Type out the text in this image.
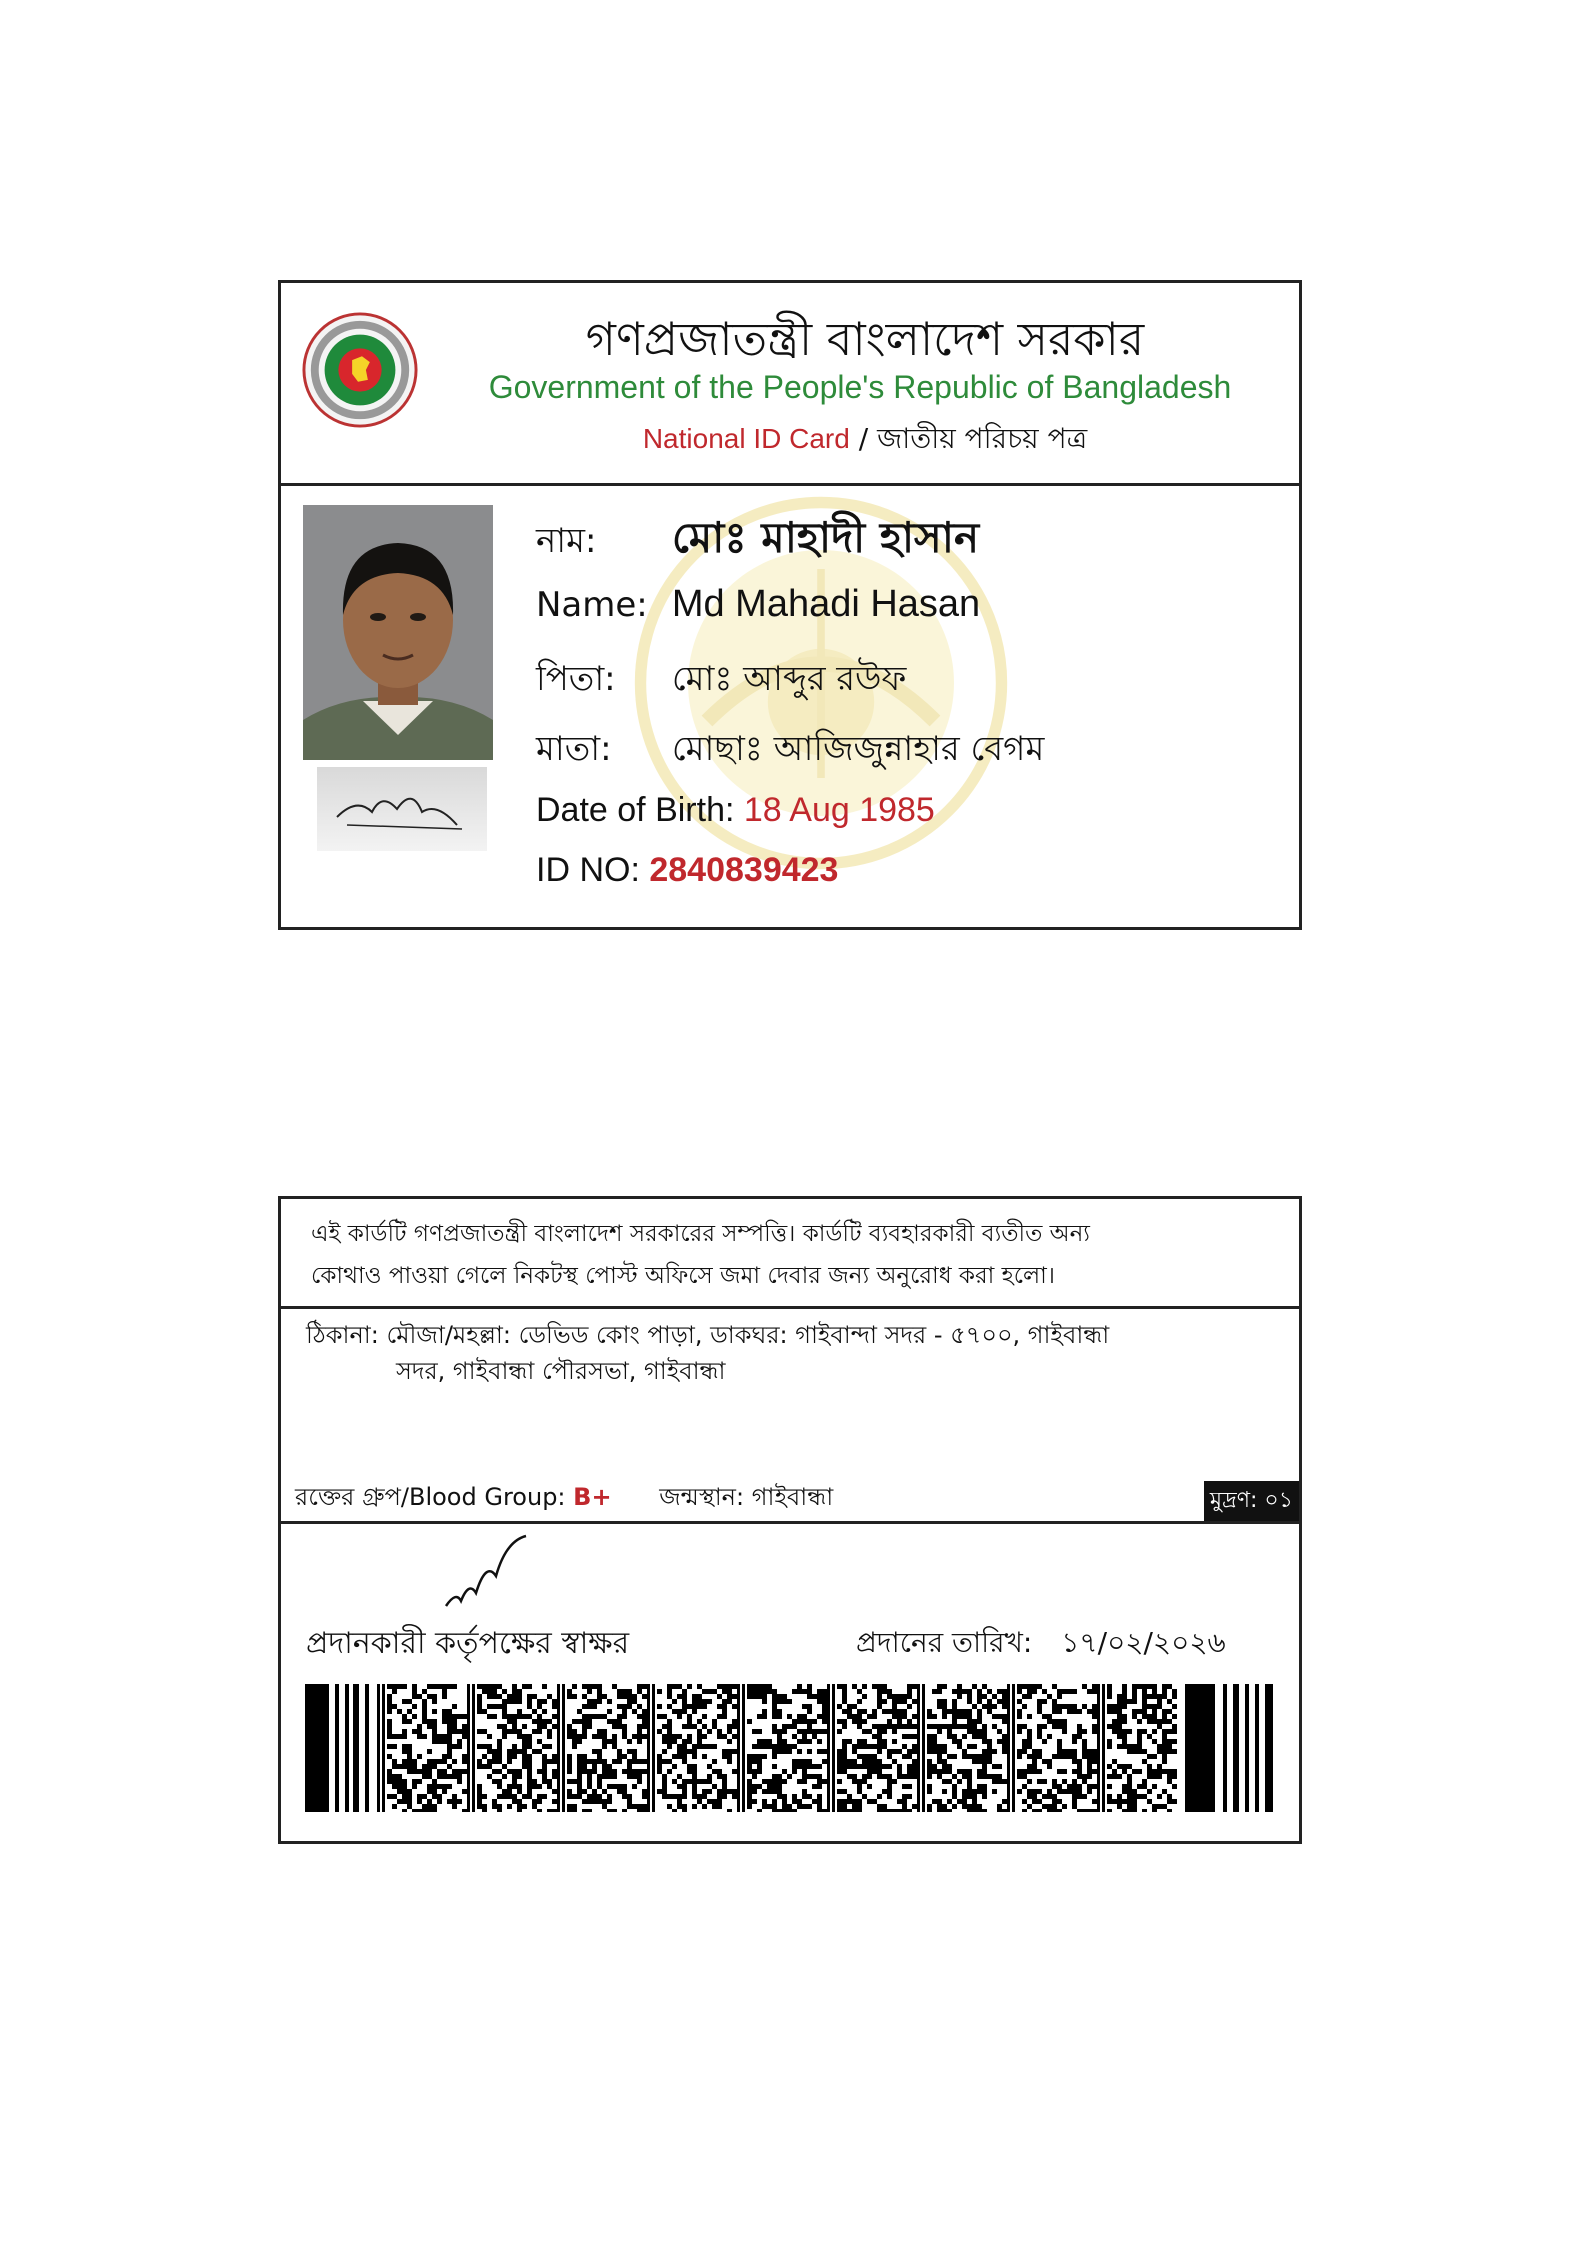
গণপ্রজাতন্ত্রী বাংলাদেশ সরকার
Government of the People's Republic of Bangladesh
National ID Card / জাতীয় পরিচয় পত্র
নাম: মোঃ মাহাদী হাসান
Name: Md Mahadi Hasan
পিতা: মোঃ আব্দুর রউফ
মাতা: মোছাঃ আজিজুন্নাহার বেগম
Date of Birth: 18 Aug 1985
ID NO: 2840839423
এই কার্ডটি গণপ্রজাতন্ত্রী বাংলাদেশ সরকারের সম্পত্তি। কার্ডটি ব্যবহারকারী ব্যতীত অন্য
কোথাও পাওয়া গেলে নিকটস্থ পোস্ট অফিসে জমা দেবার জন্য অনুরোধ করা হলো।
ঠিকানা: মৌজা/মহল্লা: ডেভিড কোং পাড়া, ডাকঘর: গাইবান্দা সদর - ৫৭০০, গাইবান্ধা
সদর, গাইবান্ধা পৌরসভা, গাইবান্ধা
রক্তের গ্রুপ/Blood Group: B+ জন্মস্থান: গাইবান্ধা	মুদ্রণ: ০১
প্রদানকারী কর্তৃপক্ষের স্বাক্ষর	প্রদানের তারিখ: ১৭/০২/২০২৬
